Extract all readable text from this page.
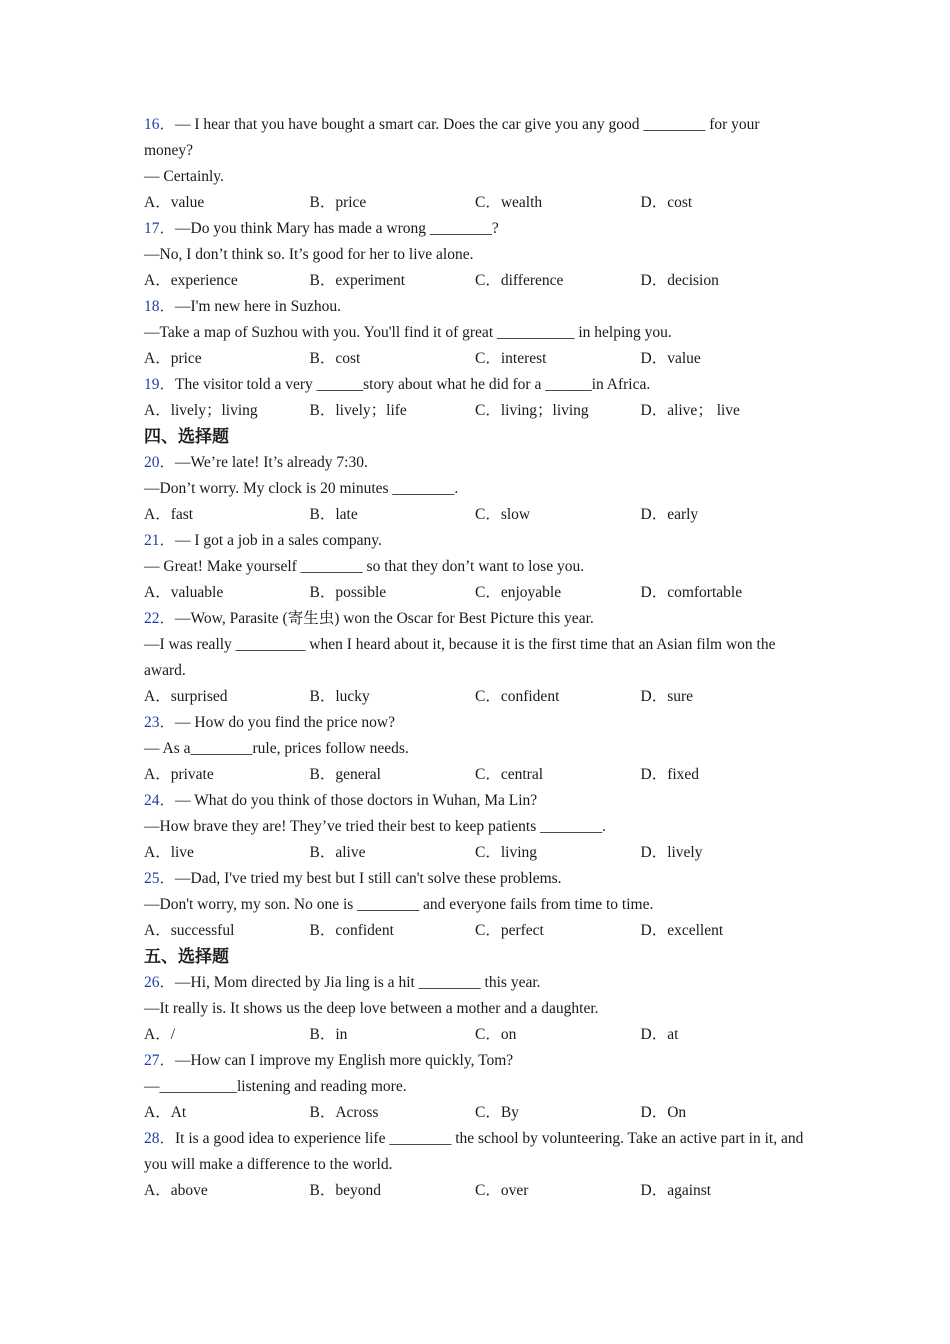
16．— I hear that you have bought a smart car. Does the car give you any good ________ for your money?
— Certainly.
A．value	B．price	C．wealth	D．cost
17．—Do you think Mary has made a wrong ________?
—No, I don’t think so. It’s good for her to live alone.
A．experience	B．experiment	C．difference	D．decision
18．—I'm new here in Suzhou.
—Take a map of Suzhou with you. You'll find it of great __________ in helping you.
A．price	B．cost	C．interest	D．value
19．The visitor told a very ______story about what he did for a ______in Africa.
A．lively；living	B．lively；life	C．living；living	D．alive； live
四、选择题
20．—We’re late! It’s already 7:30.
—Don’t worry. My clock is 20 minutes ________.
A．fast	B．late	C．slow	D．early
21．— I got a job in a sales company.
— Great! Make yourself ________ so that they don’t want to lose you.
A．valuable	B．possible	C．enjoyable	D．comfortable
22．—Wow, Parasite (寄生虫) won the Oscar for Best Picture this year.
—I was really _________ when I heard about it, because it is the first time that an Asian film won the award.
A．surprised	B．lucky	C．confident	D．sure
23．— How do you find the price now?
— As a________rule, prices follow needs.
A．private	B．general	C．central	D．fixed
24．— What do you think of those doctors in Wuhan, Ma Lin?
—How brave they are! They’ve tried their best to keep patients ________.
A．live	B．alive	C．living	D．lively
25．—Dad, I've tried my best but I still can't solve these problems.
—Don't worry, my son. No one is ________ and everyone fails from time to time.
A．successful	B．confident	C．perfect	D．excellent
五、选择题
26．—Hi, Mom directed by Jia ling is a hit ________ this year.
—It really is. It shows us the deep love between a mother and a daughter.
A．/	B．in	C．on	D．at
27．—How can I improve my English more quickly, Tom?
—__________listening and reading more.
A．At	B．Across	C．By	D．On
28．It is a good idea to experience life ________ the school by volunteering. Take an active part in it, and you will make a difference to the world.
A．above	B．beyond	C．over	D．against
